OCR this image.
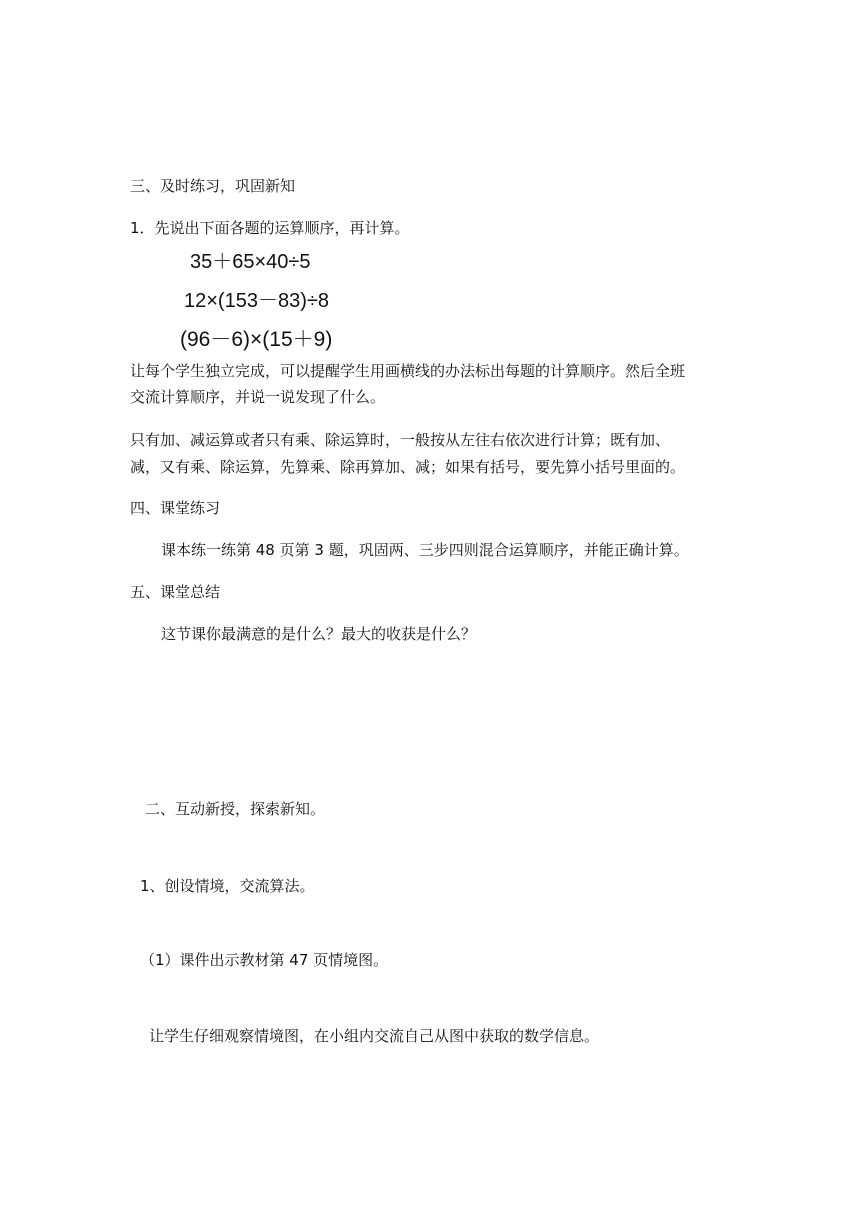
三、及时练习，巩固新知
1．先说出下面各题的运算顺序，再计算。
35＋65×40÷5
12×(153－83)÷8
(96－6)×(15＋9)
让每个学生独立完成，可以提醒学生用画横线的办法标出每题的计算顺序。然后全班
交流计算顺序，并说一说发现了什么。
只有加、减运算或者只有乘、除运算时，一般按从左往右依次进行计算；既有加、
减，又有乘、除运算，先算乘、除再算加、减；如果有括号，要先算小括号里面的。
四、课堂练习
课本练一练第 48 页第 3 题，巩固两、三步四则混合运算顺序，并能正确计算。
五、课堂总结
这节课你最满意的是什么？最大的收获是什么？
二、互动新授，探索新知。
1、创设情境，交流算法。
（1）课件出示教材第 47 页情境图。
让学生仔细观察情境图，在小组内交流自己从图中获取的数学信息。
